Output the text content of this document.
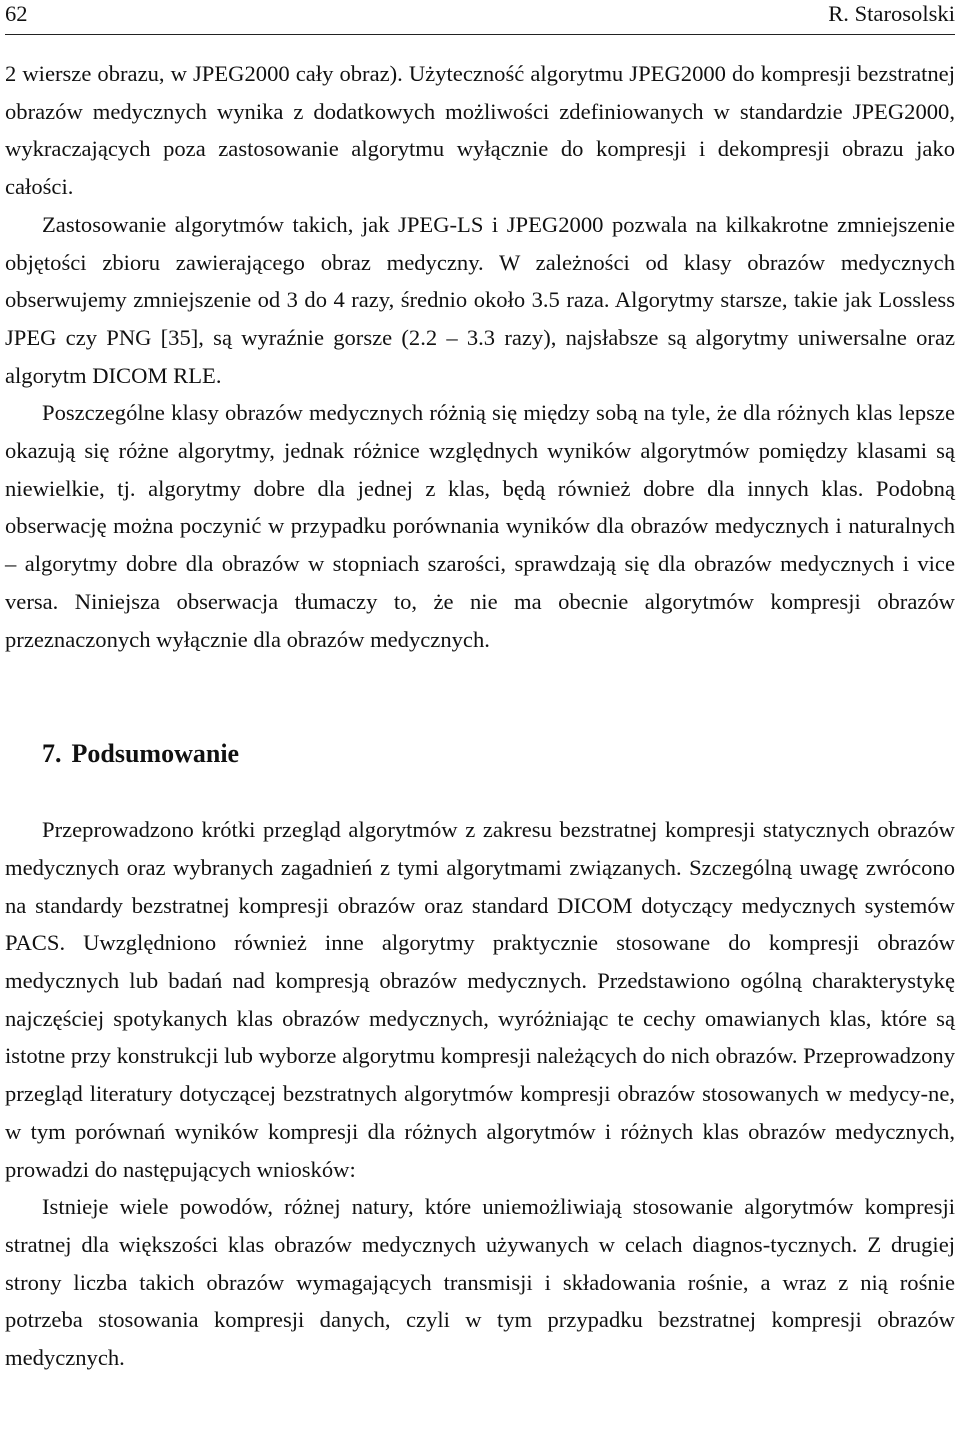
62	R. Starosolski

2 wiersze obrazu, w JPEG2000 cały obraz). Użyteczność algorytmu JPEG2000 do kompresji bezstratnej obrazów medycznych wynika z dodatkowych możliwości zdefiniowanych w standardzie JPEG2000, wykraczających poza zastosowanie algorytmu wyłącznie do kompresji i dekompresji obrazu jako całości.

Zastosowanie algorytmów takich, jak JPEG-LS i JPEG2000 pozwala na kilkakrotne zmniejszenie objętości zbioru zawierającego obraz medyczny. W zależności od klasy obrazów medycznych obserwujemy zmniejszenie od 3 do 4 razy, średnio około 3.5 raza. Algorytmy starsze, takie jak Lossless JPEG czy PNG [35], są wyraźnie gorsze (2.2 – 3.3 razy), najsłabsze są algorytmy uniwersalne oraz algorytm DICOM RLE.

Poszczególne klasy obrazów medycznych różnią się między sobą na tyle, że dla różnych klas lepsze okazują się różne algorytmy, jednak różnice względnych wyników algorytmów pomiędzy klasami są niewielkie, tj. algorytmy dobre dla jednej z klas, będą również dobre dla innych klas. Podobną obserwację można poczynić w przypadku porównania wyników dla obrazów medycznych i naturalnych – algorytmy dobre dla obrazów w stopniach szarości, sprawdzają się dla obrazów medycznych i vice versa. Niniejsza obserwacja tłumaczy to, że nie ma obecnie algorytmów kompresji obrazów przeznaczonych wyłącznie dla obrazów medycznych.

7. Podsumowanie

Przeprowadzono krótki przegląd algorytmów z zakresu bezstratnej kompresji statycznych obrazów medycznych oraz wybranych zagadnień z tymi algorytmami związanych. Szczególną uwagę zwrócono na standardy bezstratnej kompresji obrazów oraz standard DICOM dotyczący medycznych systemów PACS. Uwzględniono również inne algorytmy praktycznie stosowane do kompresji obrazów medycznych lub badań nad kompresją obrazów medycznych. Przedstawiono ogólną charakterystykę najczęściej spotykanych klas obrazów medycznych, wyróżniając te cechy omawianych klas, które są istotne przy konstrukcji lub wyborze algorytmu kompresji należących do nich obrazów. Przeprowadzony przegląd literatury dotyczącej bezstratnych algorytmów kompresji obrazów stosowanych w medycy-ne, w tym porównań wyników kompresji dla różnych algorytmów i różnych klas obrazów medycznych, prowadzi do następujących wniosków:

Istnieje wiele powodów, różnej natury, które uniemożliwiają stosowanie algorytmów kompresji stratnej dla większości klas obrazów medycznych używanych w celach diagnos-tycznych. Z drugiej strony liczba takich obrazów wymagających transmisji i składowania rośnie, a wraz z nią rośnie potrzeba stosowania kompresji danych, czyli w tym przypadku bezstratnej kompresji obrazów medycznych.
